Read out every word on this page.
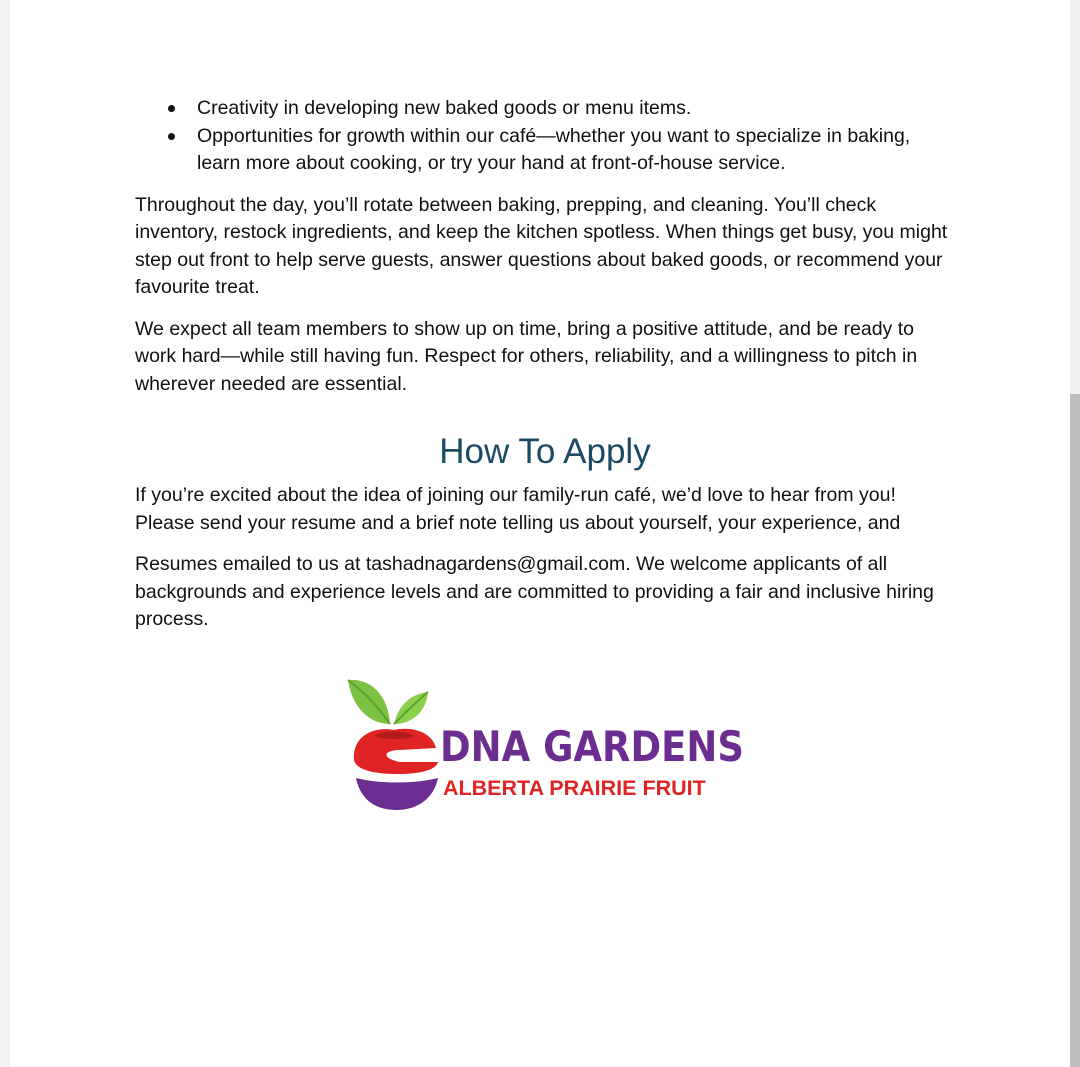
Creativity in developing new baked goods or menu items.
Opportunities for growth within our café—whether you want to specialize in baking, learn more about cooking, or try your hand at front-of-house service.

Throughout the day, you’ll rotate between baking, prepping, and cleaning. You’ll check inventory, restock ingredients, and keep the kitchen spotless. When things get busy, you might step out front to help serve guests, answer questions about baked goods, or recommend your favourite treat.

We expect all team members to show up on time, bring a positive attitude, and be ready to work hard—while still having fun. Respect for others, reliability, and a willingness to pitch in wherever needed are essential.

How To Apply

If you’re excited about the idea of joining our family-run café, we’d love to hear from you! Please send your resume and a brief note telling us about yourself, your experience, and

Resumes emailed to us at tashadnagardens@gmail.com. We welcome applicants of all backgrounds and experience levels and are committed to providing a fair and inclusive hiring process.

DNA GARDENS
ALBERTA PRAIRIE FRUIT
